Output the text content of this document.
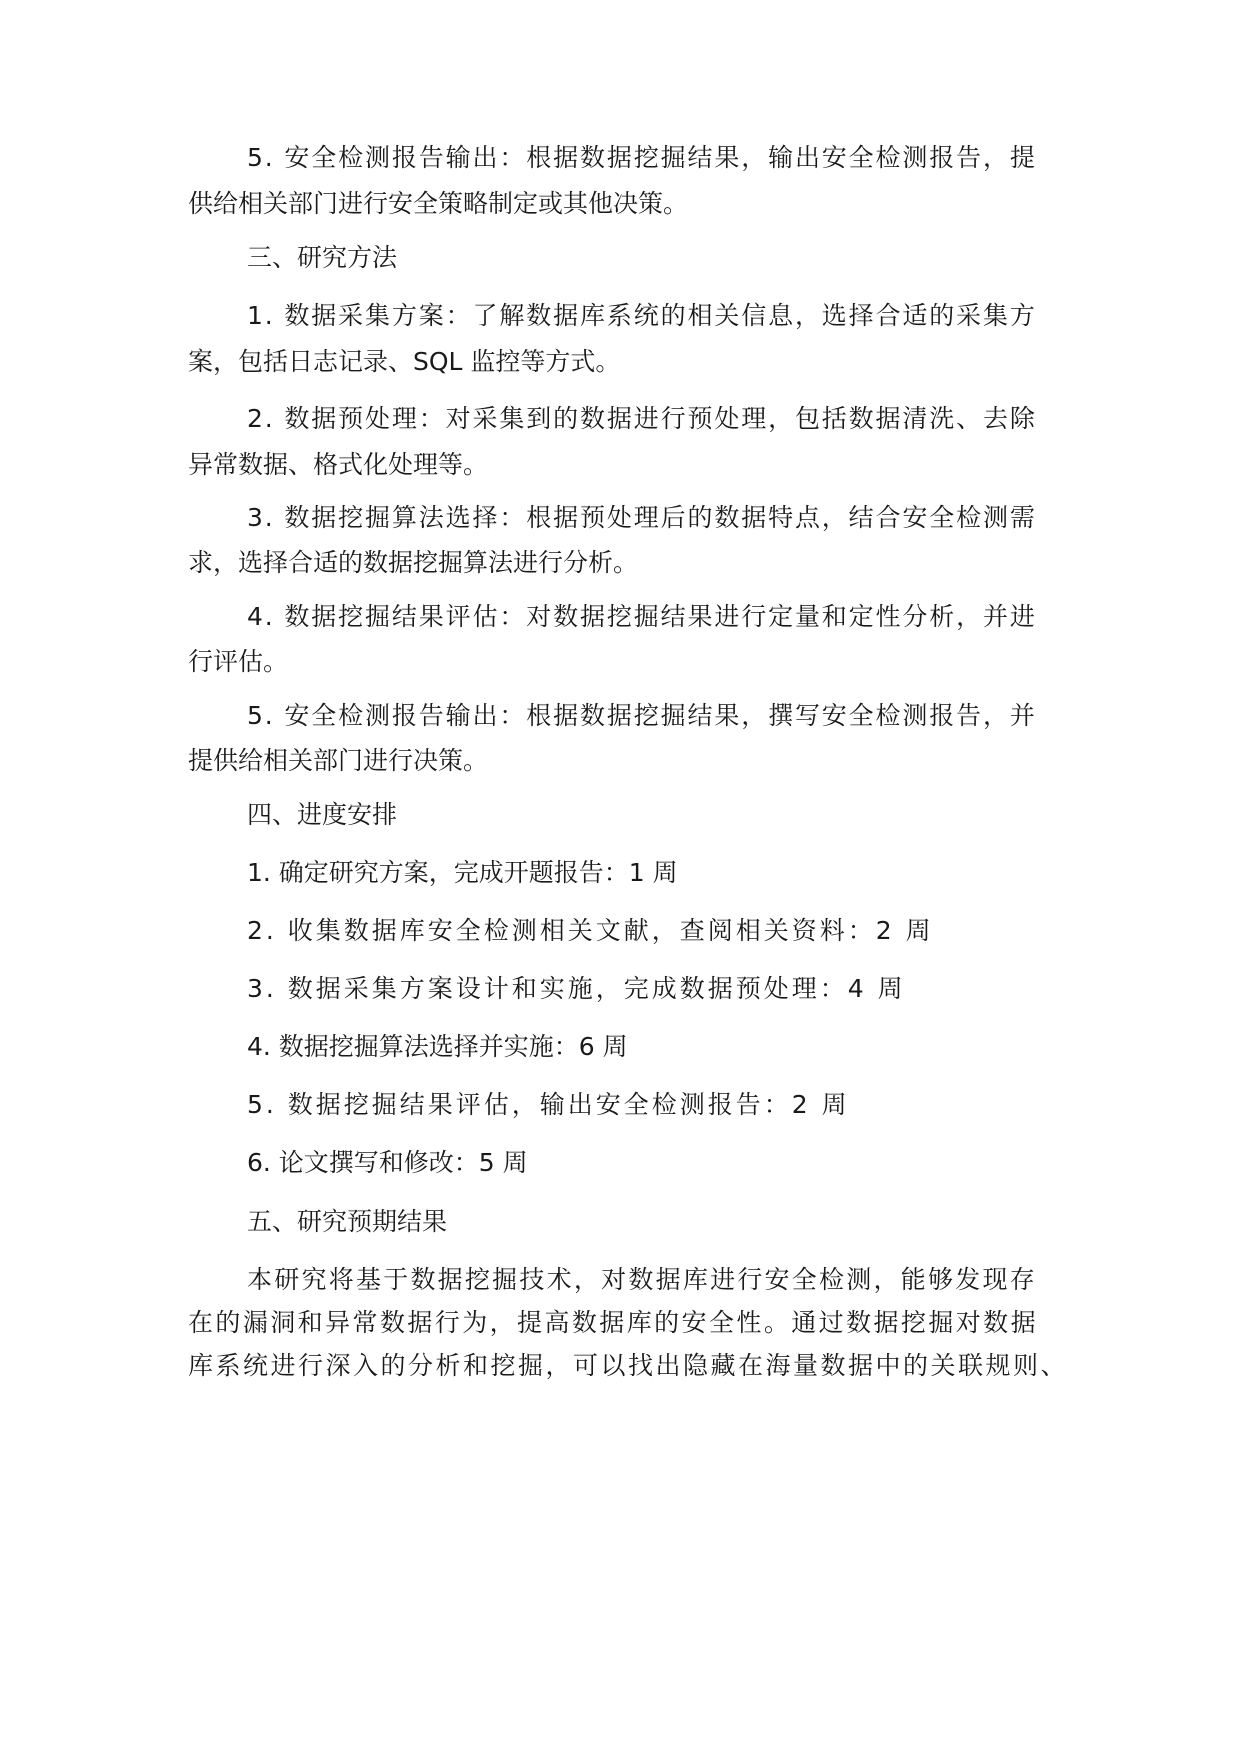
5. 安全检测报告输出：根据数据挖掘结果，输出安全检测报告，提
供给相关部门进行安全策略制定或其他决策。
三、研究方法
1. 数据采集方案：了解数据库系统的相关信息，选择合适的采集方
案，包括日志记录、SQL 监控等方式。
2. 数据预处理：对采集到的数据进行预处理，包括数据清洗、去除
异常数据、格式化处理等。
3. 数据挖掘算法选择：根据预处理后的数据特点，结合安全检测需
求，选择合适的数据挖掘算法进行分析。
4. 数据挖掘结果评估：对数据挖掘结果进行定量和定性分析，并进
行评估。
5. 安全检测报告输出：根据数据挖掘结果，撰写安全检测报告，并
提供给相关部门进行决策。
四、进度安排
1. 确定研究方案，完成开题报告：1 周
2. 收集数据库安全检测相关文献，查阅相关资料：2 周
3. 数据采集方案设计和实施，完成数据预处理：4 周
4. 数据挖掘算法选择并实施：6 周
5. 数据挖掘结果评估，输出安全检测报告：2 周
6. 论文撰写和修改：5 周
五、研究预期结果
本研究将基于数据挖掘技术，对数据库进行安全检测，能够发现存
在的漏洞和异常数据行为，提高数据库的安全性。通过数据挖掘对数据
库系统进行深入的分析和挖掘，可以找出隐藏在海量数据中的关联规则、
